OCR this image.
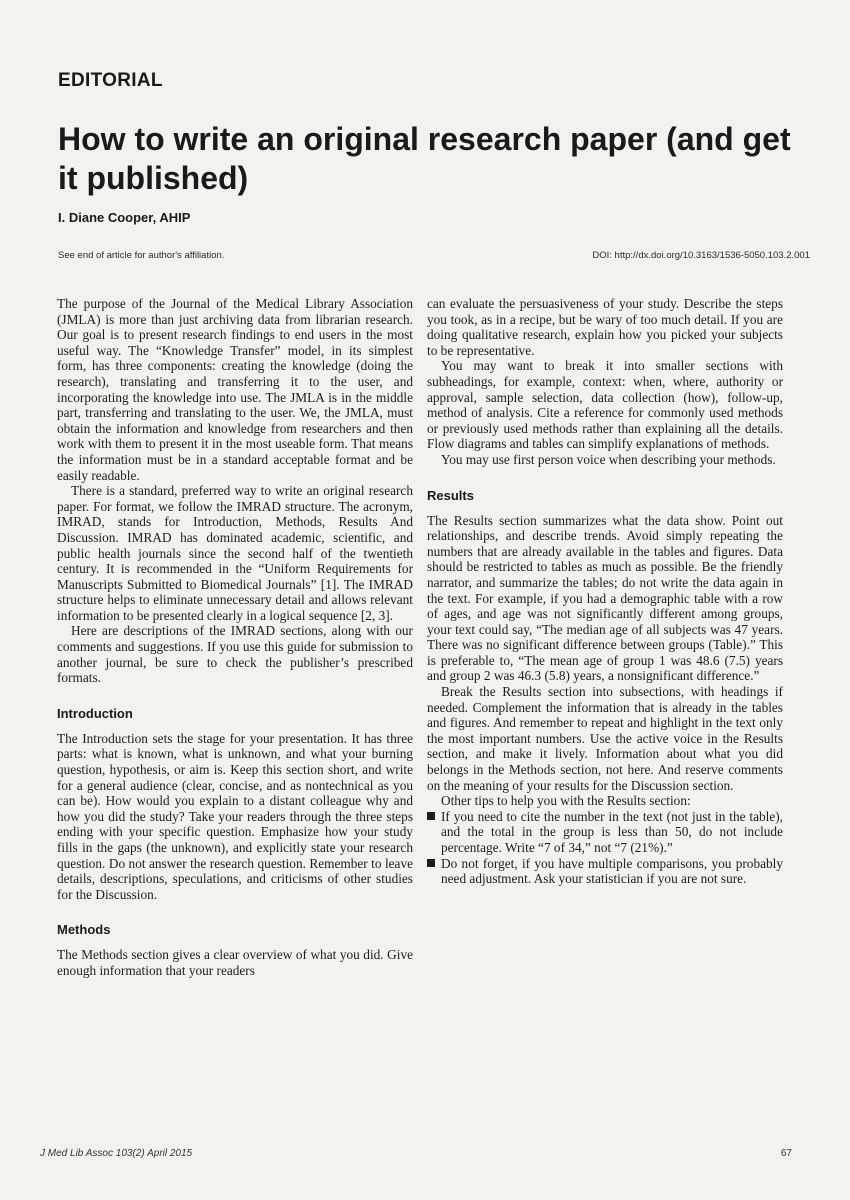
EDITORIAL
How to write an original research paper (and get it published)
I. Diane Cooper, AHIP
See end of article for author's affiliation.	DOI: http://dx.doi.org/10.3163/1536-5050.103.2.001

The purpose of the Journal of the Medical Library Association (JMLA) is more than just archiving data from librarian research. Our goal is to present research findings to end users in the most useful way. The “Knowledge Transfer” model, in its simplest form, has three components: creating the knowledge (doing the research), translating and transferring it to the user, and incorporating the knowledge into use. The JMLA is in the middle part, transferring and translating to the user. We, the JMLA, must obtain the information and knowledge from researchers and then work with them to present it in the most useable form. That means the information must be in a standard acceptable format and be easily readable.

There is a standard, preferred way to write an original research paper. For format, we follow the IMRAD structure. The acronym, IMRAD, stands for Introduction, Methods, Results And Discussion. IMRAD has dominated academic, scientific, and public health journals since the second half of the twentieth century. It is recommended in the “Uniform Requirements for Manuscripts Submitted to Biomedical Journals” [1]. The IMRAD structure helps to eliminate unnecessary detail and allows relevant information to be presented clearly in a logical sequence [2, 3].

Here are descriptions of the IMRAD sections, along with our comments and suggestions. If you use this guide for submission to another journal, be sure to check the publisher’s prescribed formats.

Introduction

The Introduction sets the stage for your presentation. It has three parts: what is known, what is unknown, and what your burning question, hypothesis, or aim is. Keep this section short, and write for a general audience (clear, concise, and as nontechnical as you can be). How would you explain to a distant colleague why and how you did the study? Take your readers through the three steps ending with your specific question. Emphasize how your study fills in the gaps (the unknown), and explicitly state your research question. Do not answer the research question. Remember to leave details, descriptions, speculations, and criticisms of other studies for the Discussion.

Methods

The Methods section gives a clear overview of what you did. Give enough information that your readers

can evaluate the persuasiveness of your study. Describe the steps you took, as in a recipe, but be wary of too much detail. If you are doing qualitative research, explain how you picked your subjects to be representative.

You may want to break it into smaller sections with subheadings, for example, context: when, where, authority or approval, sample selection, data collection (how), follow-up, method of analysis. Cite a reference for commonly used methods or previously used methods rather than explaining all the details. Flow diagrams and tables can simplify explanations of methods.

You may use first person voice when describing your methods.

Results

The Results section summarizes what the data show. Point out relationships, and describe trends. Avoid simply repeating the numbers that are already available in the tables and figures. Data should be restricted to tables as much as possible. Be the friendly narrator, and summarize the tables; do not write the data again in the text. For example, if you had a demographic table with a row of ages, and age was not significantly different among groups, your text could say, “The median age of all subjects was 47 years. There was no significant difference between groups (Table).” This is preferable to, “The mean age of group 1 was 48.6 (7.5) years and group 2 was 46.3 (5.8) years, a nonsignificant difference.”

Break the Results section into subsections, with headings if needed. Complement the information that is already in the tables and figures. And remember to repeat and highlight in the text only the most important numbers. Use the active voice in the Results section, and make it lively. Information about what you did belongs in the Methods section, not here. And reserve comments on the meaning of your results for the Discussion section.

Other tips to help you with the Results section:

If you need to cite the number in the text (not just in the table), and the total in the group is less than 50, do not include percentage. Write “7 of 34,” not “7 (21%).”
Do not forget, if you have multiple comparisons, you probably need adjustment. Ask your statistician if you are not sure.
J Med Lib Assoc 103(2) April 2015	67
